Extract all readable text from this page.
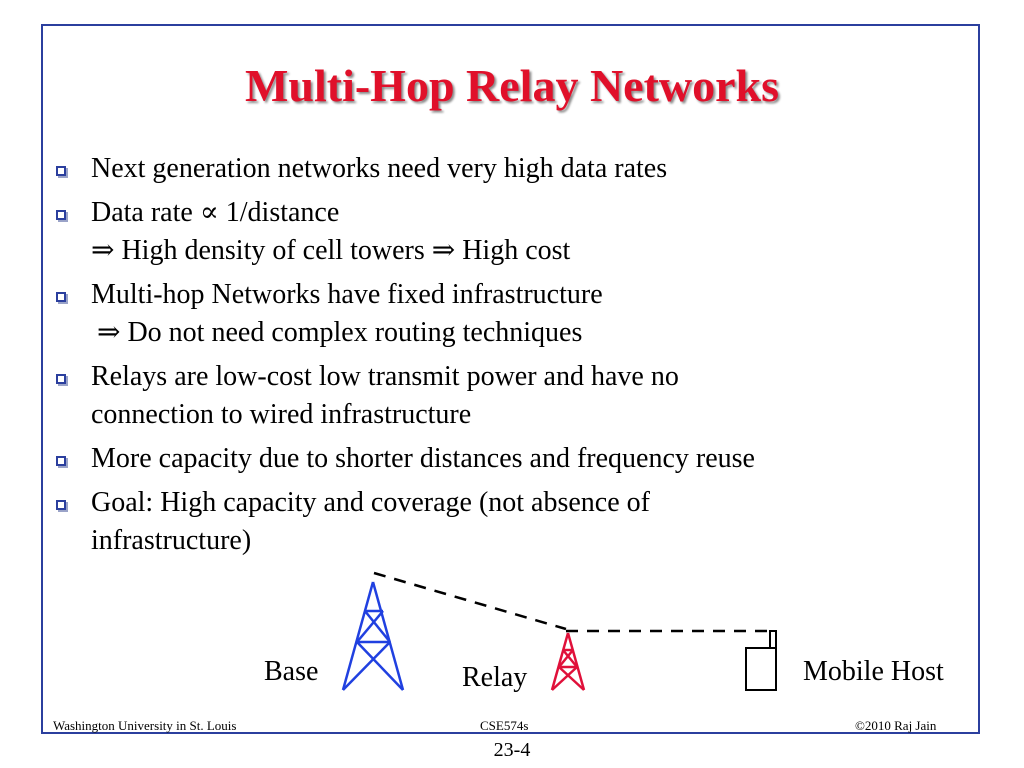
Multi-Hop Relay Networks
Next generation networks need very high data rates
Data rate ∝ 1/distance
⇒ High density of cell towers ⇒ High cost
Multi-hop Networks have fixed infrastructure
⇒ Do not need complex routing techniques
Relays are low-cost low transmit power and have no
connection to wired infrastructure
More capacity due to shorter distances and frequency reuse
Goal: High capacity and coverage (not absence of
infrastructure)
Base	Relay	Mobile Host
Washington University in St. Louis	CSE574s	©2010 Raj Jain
23-4
